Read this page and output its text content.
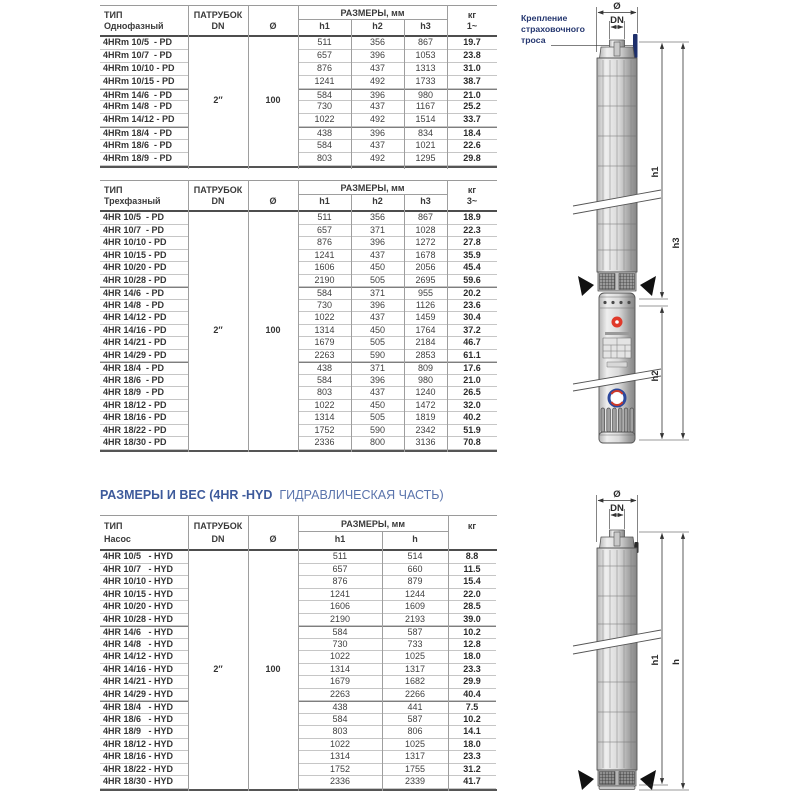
ТИП
Однофазный
ПАТРУБОК
DN	Ø
РАЗМЕРЫ, мм
h1	h2	h3
кг
1~
4HRm 10/5  - PD	511	356	867	19.7
4HRm 10/7  - PD	657	396	1053	23.8
4HRm 10/10 - PD	876	437	1313	31.0
4HRm 10/15 - PD	1241	492	1733	38.7
4HRm 14/6  - PD	584	396	980	21.0
4HRm 14/8  - PD	730	437	1167	25.2
4HRm 14/12 - PD	1022	492	1514	33.7
4HRm 18/4  - PD	438	396	834	18.4
4HRm 18/6  - PD	584	437	1021	22.6
4HRm 18/9  - PD	803	492	1295	29.8
2″	100
ТИП
Трехфазный
ПАТРУБОК
DN	Ø
РАЗМЕРЫ, мм
h1	h2	h3
кг
3~
4HR 10/5  - PD	511	356	867	18.9
4HR 10/7  - PD	657	371	1028	22.3
4HR 10/10 - PD	876	396	1272	27.8
4HR 10/15 - PD	1241	437	1678	35.9
4HR 10/20 - PD	1606	450	2056	45.4
4HR 10/28 - PD	2190	505	2695	59.6
4HR 14/6  - PD	584	371	955	20.2
4HR 14/8  - PD	730	396	1126	23.6
4HR 14/12 - PD	1022	437	1459	30.4
4HR 14/16 - PD	1314	450	1764	37.2
4HR 14/21 - PD	1679	505	2184	46.7
4HR 14/29 - PD	2263	590	2853	61.1
4HR 18/4  - PD	438	371	809	17.6
4HR 18/6  - PD	584	396	980	21.0
4HR 18/9  - PD	803	437	1240	26.5
4HR 18/12 - PD	1022	450	1472	32.0
4HR 18/16 - PD	1314	505	1819	40.2
4HR 18/22 - PD	1752	590	2342	51.9
4HR 18/30 - PD	2336	800	3136	70.8
2″	100
РАЗМЕРЫ И ВЕС (4HR -HYD  ГИДРАВЛИЧЕСКАЯ ЧАСТЬ)
ТИП
Насос
ПАТРУБОК
DN	Ø
РАЗМЕРЫ, мм
h1	h
кг
4HR 10/5   - HYD	511	514	8.8
4HR 10/7   - HYD	657	660	11.5
4HR 10/10 - HYD	876	879	15.4
4HR 10/15 - HYD	1241	1244	22.0
4HR 10/20 - HYD	1606	1609	28.5
4HR 10/28 - HYD	2190	2193	39.0
4HR 14/6   - HYD	584	587	10.2
4HR 14/8   - HYD	730	733	12.8
4HR 14/12 - HYD	1022	1025	18.0
4HR 14/16 - HYD	1314	1317	23.3
4HR 14/21 - HYD	1679	1682	29.9
4HR 14/29 - HYD	2263	2266	40.4
4HR 18/4   - HYD	438	441	7.5
4HR 18/6   - HYD	584	587	10.2
4HR 18/9   - HYD	803	806	14.1
4HR 18/12 - HYD	1022	1025	18.0
4HR 18/16 - HYD	1314	1317	23.3
4HR 18/22 - HYD	1752	1755	31.2
4HR 18/30 - HYD	2336	2339	41.7
2″	100
Крепление
страховочного
троса
Ø
DN
h1
h2
h3
Ø
DN
h1 h
